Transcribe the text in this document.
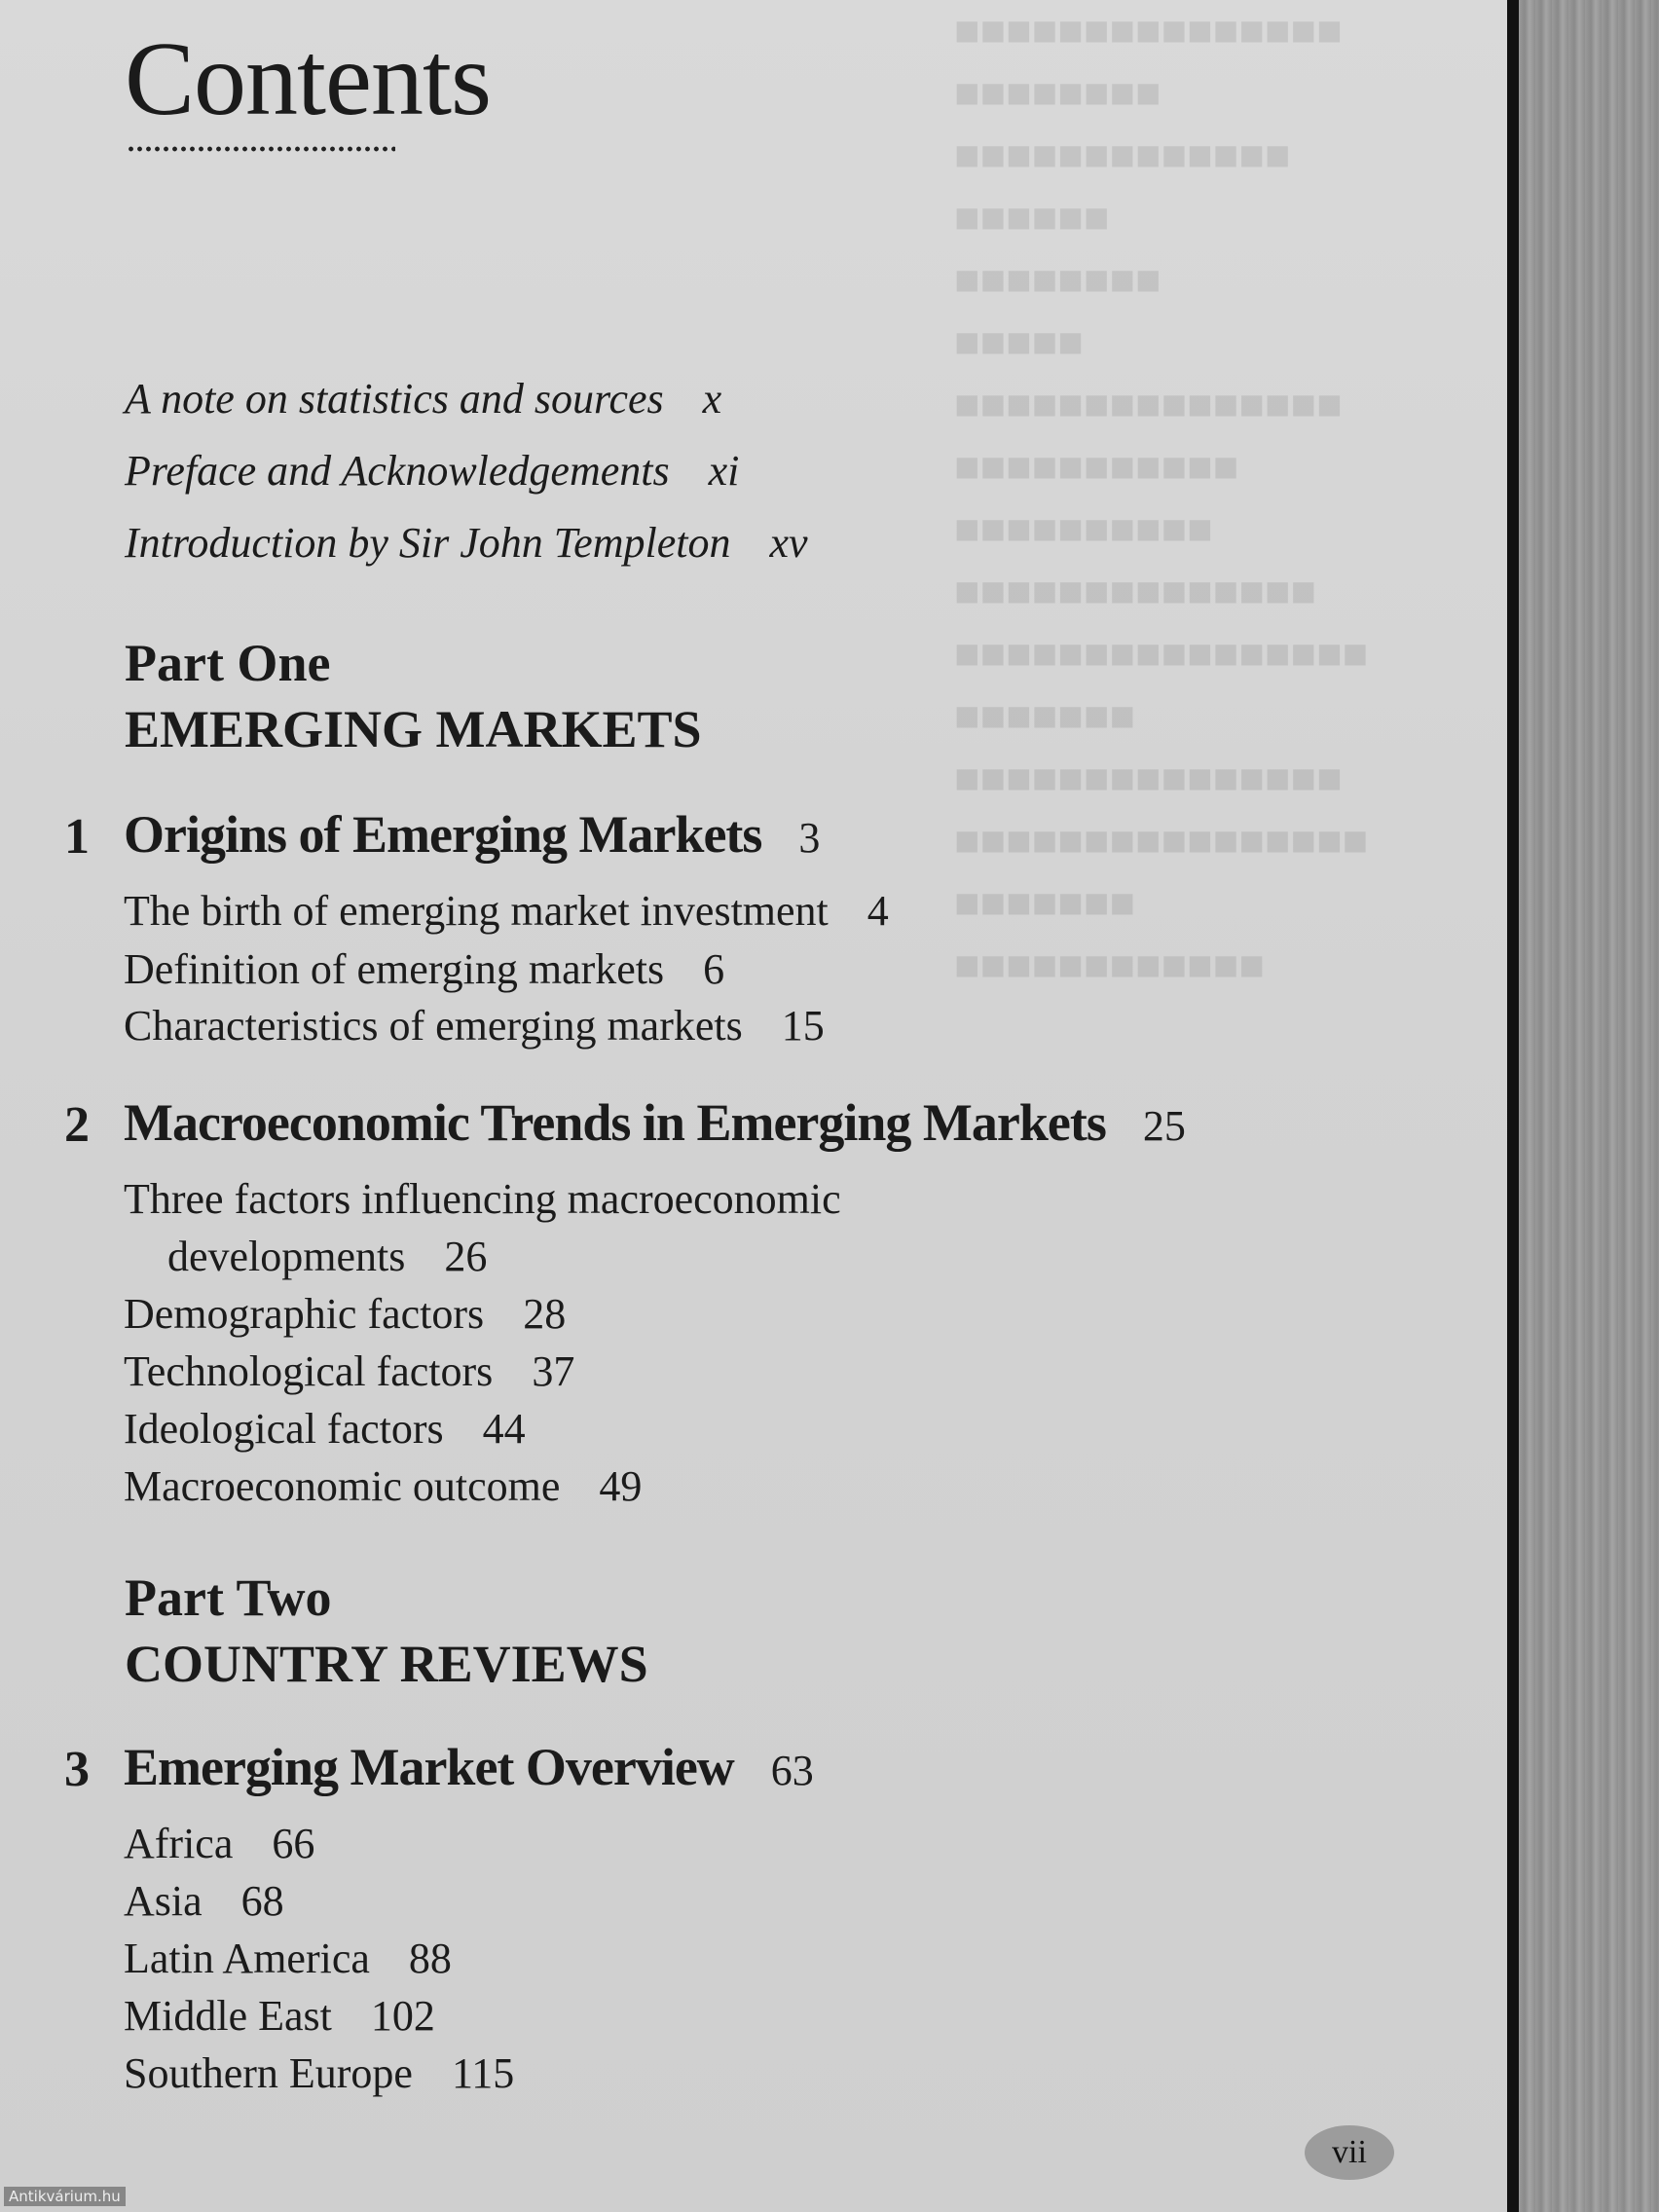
■■■■■■■■■■■■■■■
■■■■■■■■
■■■■■■■■■■■■■
■■■■■■
■■■■■■■■
■■■■■
■■■■■■■■■■■■■■■
■■■■■■■■■■■
■■■■■■■■■■
■■■■■■■■■■■■■■
■■■■■■■■■■■■■■■■
■■■■■■■
■■■■■■■■■■■■■■■
■■■■■■■■■■■■■■■■
■■■■■■■
■■■■■■■■■■■■
Contents
A note on statistics and sources x
Preface and Acknowledgements xi
Introduction by Sir John Templeton xv
Part One
EMERGING MARKETS
1 Origins of Emerging Markets 3
The birth of emerging market investment 4
Definition of emerging markets 6
Characteristics of emerging markets 15
2 Macroeconomic Trends in Emerging Markets 25
Three factors influencing macroeconomic
developments 26
Demographic factors 28
Technological factors 37
Ideological factors 44
Macroeconomic outcome 49
Part Two
COUNTRY REVIEWS
3 Emerging Market Overview 63
Africa 66
Asia 68
Latin America 88
Middle East 102
Southern Europe 115
vii
Antikvárium.hu
